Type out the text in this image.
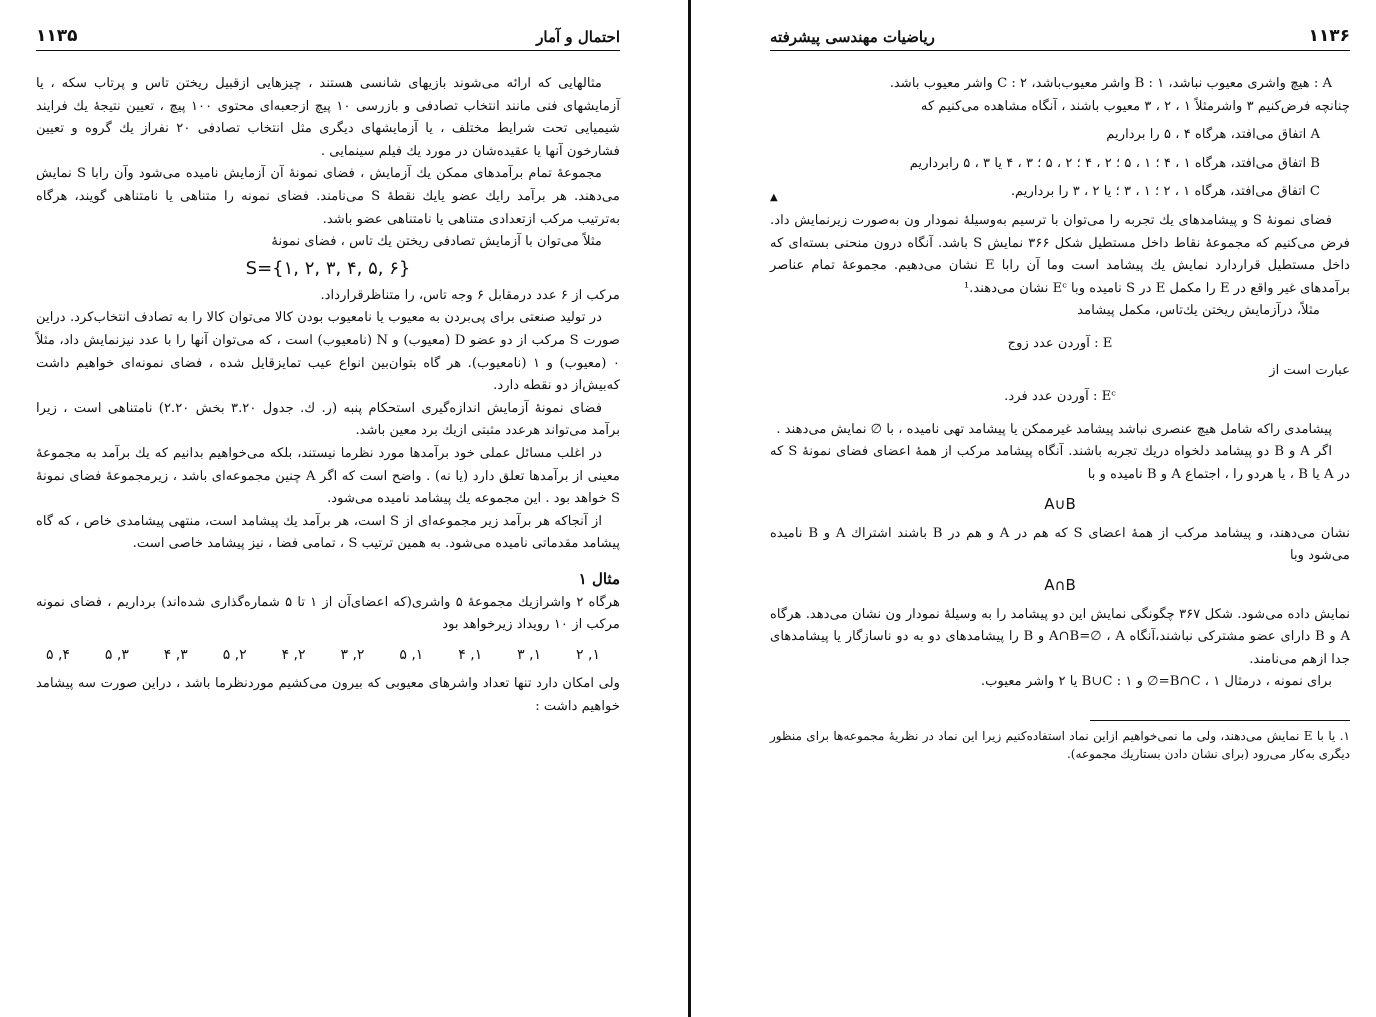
احتمال و آمار
۱۱۳۵

مثالهایی که ارائه می‌شوند بازیهای شانسی هستند ، چیزهایی ازقبیل ریختن تاس و پرتاب سکه ، یا آزمایشهای فنی مانند انتخاب تصادفی و بازرسی ۱۰ پیچ ازجعبه‌ای محتوی ۱۰۰ پیچ ، تعیین نتیجهٔ یك فرایند شیمیایی تحت شرایط مختلف ، یا آزمایشهای دیگری مثل انتخاب تصادفی ۲۰ نفراز یك گروه و تعیین فشارخون آنها یا عقیده‌شان در مورد یك فیلم سینمایی .

مجموعهٔ تمام برآمدهای ممکن یك آزمایش ، فضای نمونهٔ آن آزمایش نامیده می‌شود وآن رابا S نمایش می‌دهند. هر برآمد رایك عضو یایك نقطهٔ S می‌نامند. فضای نمونه را متناهی یا نامتناهی گویند، هرگاه به‌ترتیب مرکب ازتعدادی متناهی یا نامتناهی عضو باشد.

مثلاً می‌توان با آزمایش تصادفی ریختن یك تاس ، فضای نمونهٔ

S={۱, ۲, ۳, ۴, ۵, ۶}

مرکب از ۶ عدد درمقابل ۶ وجه تاس، را متناظرقرارداد.

در تولید صنعتی برای پی‌بردن به معیوب یا نامعیوب بودن کالا می‌توان کالا را به تصادف انتخاب‌کرد. دراین صورت S مرکب از دو عضو D (معیوب) و N (نامعیوب) است ، که می‌توان آنها را با عدد نیزنمایش داد، مثلاً ۰ (معیوب) و ۱ (نامعیوب). هر گاه بتوان‌بین انواع عیب تمایزقایل شده ، فضای نمونه‌ای خواهیم داشت که‌بیش‌از دو نقطه دارد.

فضای نمونهٔ آزمایش اندازه‌گیری استحکام پنبه (ر. ك. جدول ۳.۲۰ بخش ۲.۲۰) نامتناهی است ، زیرا برآمد می‌تواند هرعدد مثبتی ازیك برد معین باشد.

در اغلب مسائل عملی خود برآمدها مورد نظرما نیستند، بلکه می‌خواهیم بدانیم که یك برآمد به مجموعهٔ معینی از برآمدها تعلق دارد (یا نه) . واضح است که اگر A چنین مجموعه‌ای باشد ، زیرمجموعهٔ فضای نمونهٔ S خواهد بود . این مجموعه یك پیشامد نامیده می‌شود.

از آنجاکه هر برآمد زیر مجموعه‌ای از S است، هر برآمد یك پیشامد است، منتهی پیشامدی خاص ، که گاه پیشامد مقدماتی نامیده می‌شود. به همین ترتیب S ، تمامی فضا ، نیز پیشامد خاصی است.

مثال ۱

هرگاه ۲ واشرازیك مجموعهٔ ۵ واشری(که اعضای‌آن از ۱ تا ۵ شماره‌گذاری شده‌اند) برداریم ، فضای نمونه مرکب از ۱۰ رویداد زیرخواهد بود

۱, ۲
۱, ۳
۱, ۴
۱, ۵
۲, ۳
۲, ۴
۲, ۵
۳, ۴
۳, ۵
۴, ۵

ولی امکان دارد تنها تعداد واشرهای معیوبی که بیرون می‌کشیم موردنظرما باشد ، دراین صورت سه پیشامد خواهیم داشت :

ریاضیات مهندسی پیشرفته	۱۱۳۶

A : هیچ واشری معیوب نباشد، B : ۱ واشر معیوب‌باشد، C : ۲ واشر معیوب باشد.

چنانچه فرض‌کنیم ۳ واشرمثلاً ۱ ، ۲ ، ۳ معیوب باشند ، آنگاه مشاهده می‌کنیم که

A اتفاق می‌افتد، هرگاه ۴ ، ۵ را برداریم

B اتفاق می‌افتد، هرگاه ۱ ، ۴ ؛ ۱ ، ۵ ؛ ۲ ، ۴ ؛ ۲ ، ۵ ؛ ۳ ، ۴ یا ۳ ، ۵ رابرداریم

C اتفاق می‌افتد، هرگاه ۱ ، ۲ ؛ ۱ ، ۳ ؛ یا ۲ ، ۳ را برداریم.
▲

فضای نمونهٔ S و پیشامدهای یك تجربه را می‌توان با ترسیم به‌وسیلهٔ نمودار ون به‌صورت زیرنمایش داد. فرض می‌کنیم که مجموعهٔ نقاط داخل مستطیل شکل ۳۶۶ نمایش S باشد. آنگاه درون منحنی بسته‌ای که داخل مستطیل قراردارد نمایش یك پیشامد است وما آن رابا E نشان می‌دهیم. مجموعهٔ تمام عناصر برآمدهای غیر واقع در E را مکمل E در S نامیده وبا Eᶜ نشان می‌دهند.¹

مثلاً، درآزمایش ریختن یك‌تاس، مکمل پیشامد

E : آوردن عدد زوج

عبارت است از

Eᶜ : آوردن عدد فرد.

پیشامدی راکه شامل هیچ عنصری نباشد پیشامد غیرممکن یا پیشامد تهی نامیده ، با ∅ نمایش می‌دهند .

اگر A و B دو پیشامد دلخواه دریك تجربه باشند. آنگاه پیشامد مرکب از همهٔ اعضای فضای نمونهٔ S که در A یا B ، یا هردو را ، اجتماع A و B نامیده و با

A∪B

نشان می‌دهند، و پیشامد مرکب از همهٔ اعضای S که هم در A و هم در B باشند اشتراك A و B نامیده می‌شود وبا

A∩B

نمایش داده می‌شود. شکل ۳۶۷ چگونگی نمایش این دو پیشامد را به وسیلهٔ نمودار ون نشان می‌دهد. هرگاه A و B دارای عضو مشترکی نباشند،آنگاه A∩B=∅ ، A و B را پیشامدهای دو به دو ناسازگار یا پیشامدهای جدا ازهم می‌نامند.

برای نمونه ، درمثال ۱ ، B∩C=∅ و B∪C : ۱ یا ۲ واشر معیوب.

۱. یا با E نمایش می‌دهند، ولی ما نمی‌خواهیم ازاین نماد استفاده‌کنیم زیرا این نماد در نظریهٔ مجموعه‌ها برای منظور دیگری به‌کار می‌رود (برای نشان دادن بستاریك مجموعه).
